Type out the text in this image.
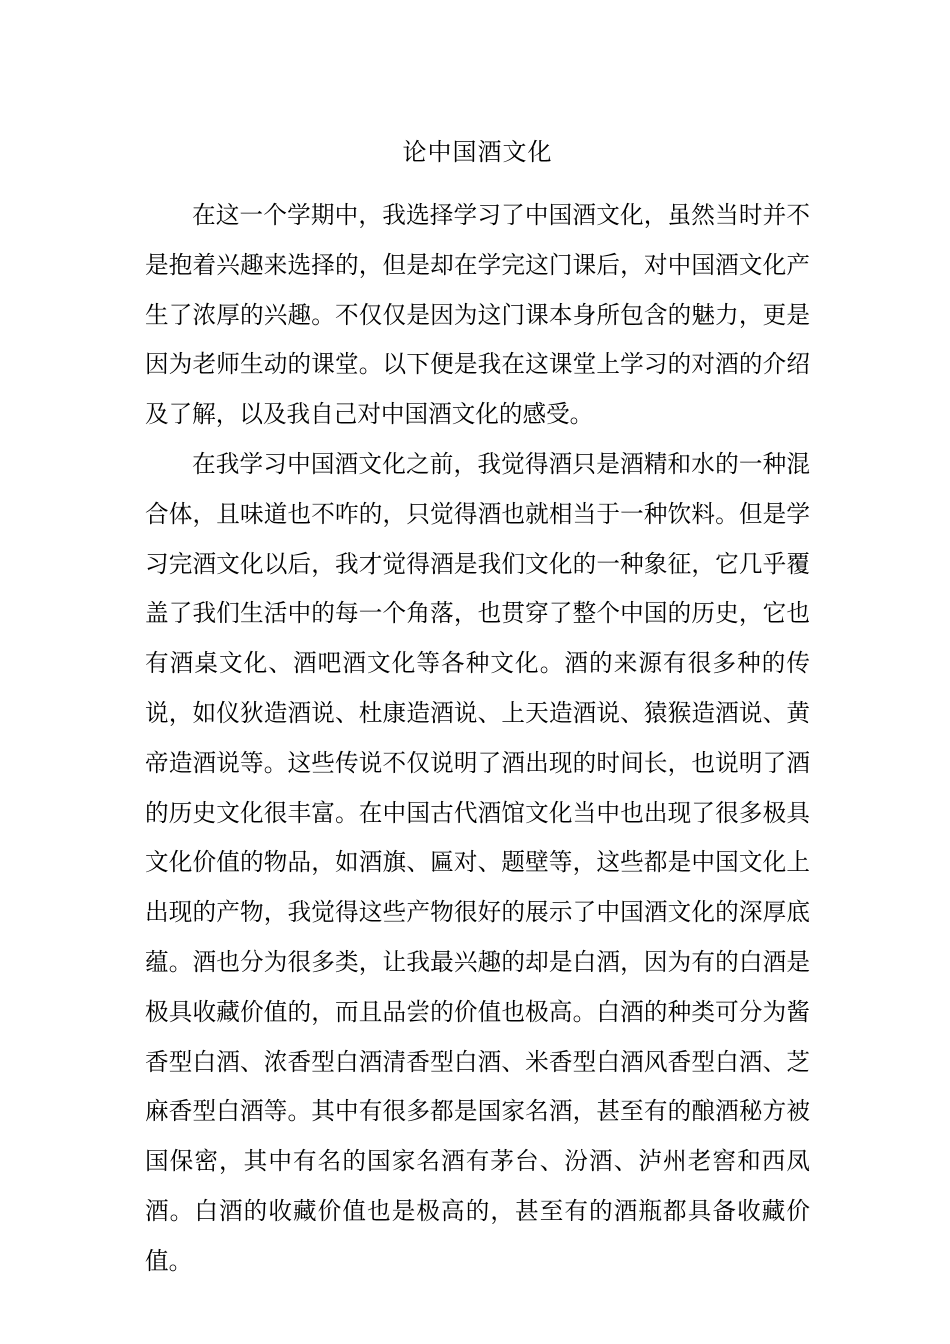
论中国酒文化

在这一个学期中，我选择学习了中国酒文化，虽然当时并不是抱着兴趣来选择的，但是却在学完这门课后，对中国酒文化产生了浓厚的兴趣。不仅仅是因为这门课本身所包含的魅力，更是因为老师生动的课堂。以下便是我在这课堂上学习的对酒的介绍及了解，以及我自己对中国酒文化的感受。

在我学习中国酒文化之前，我觉得酒只是酒精和水的一种混合体，且味道也不咋的，只觉得酒也就相当于一种饮料。但是学习完酒文化以后，我才觉得酒是我们文化的一种象征，它几乎覆盖了我们生活中的每一个角落，也贯穿了整个中国的历史，它也有酒桌文化、酒吧酒文化等各种文化。酒的来源有很多种的传说，如仪狄造酒说、杜康造酒说、上天造酒说、猿猴造酒说、黄帝造酒说等。这些传说不仅说明了酒出现的时间长，也说明了酒的历史文化很丰富。在中国古代酒馆文化当中也出现了很多极具文化价值的物品，如酒旗、匾对、题壁等，这些都是中国文化上出现的产物，我觉得这些产物很好的展示了中国酒文化的深厚底蕴。酒也分为很多类，让我最兴趣的却是白酒，因为有的白酒是极具收藏价值的，而且品尝的价值也极高。白酒的种类可分为酱香型白酒、浓香型白酒清香型白酒、米香型白酒风香型白酒、芝麻香型白酒等。其中有很多都是国家名酒，甚至有的酿酒秘方被国保密，其中有名的国家名酒有茅台、汾酒、泸州老窖和西凤酒。白酒的收藏价值也是极高的，甚至有的酒瓶都具备收藏价值。
